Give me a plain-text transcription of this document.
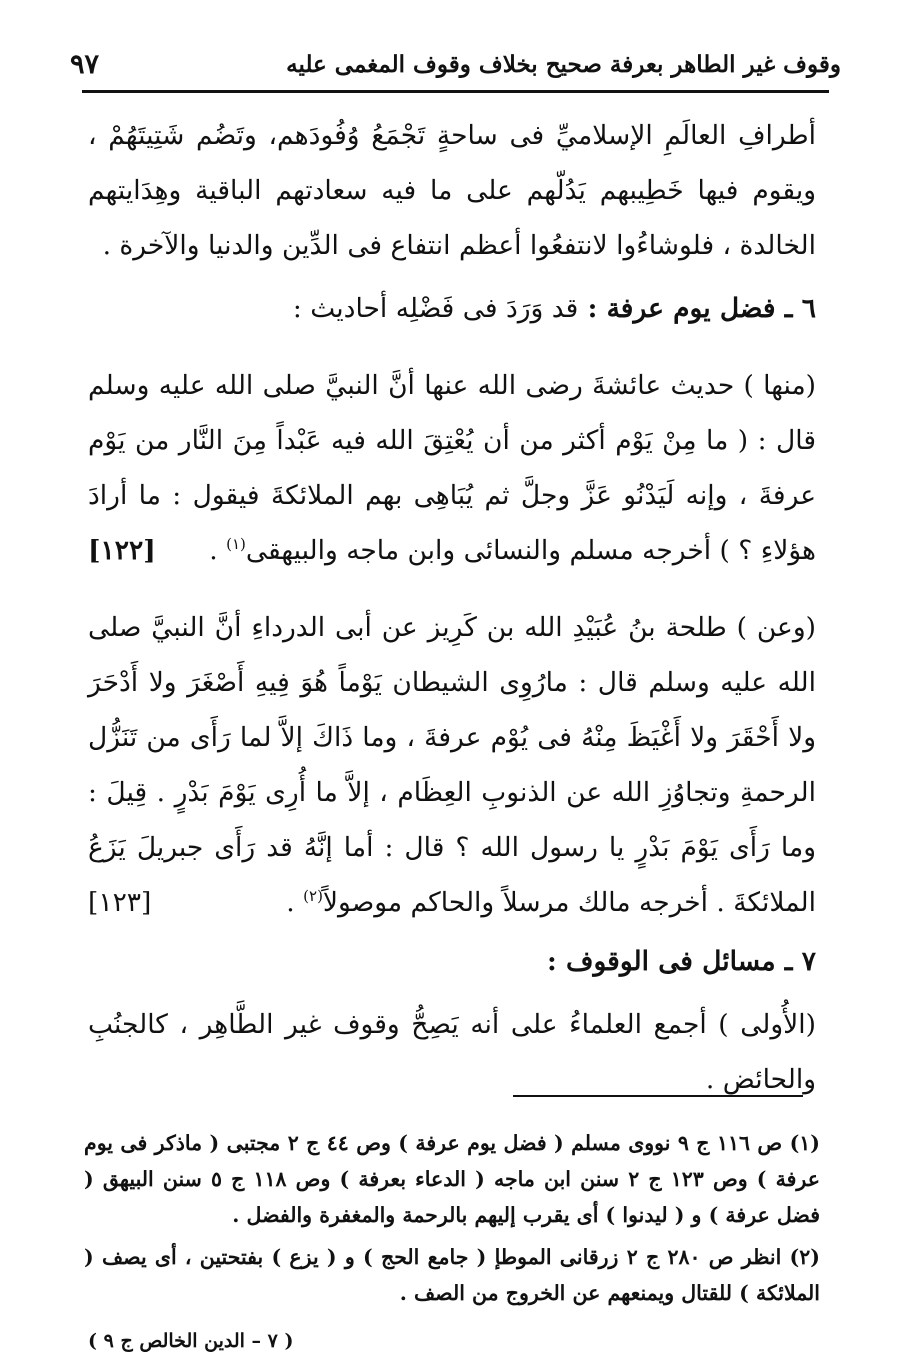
وقوف غير الطاهر بعرفة صحيح بخلاف وقوف المغمى عليه
٩٧

أطرافِ العالَمِ الإسلاميِّ فى ساحةٍ تَجْمَعُ وُفُودَهم، وتَضُم شَتِيتَهُمْ ، ويقوم فيها خَطِيبهم يَدُلّهم على ما فيه سعادتهم الباقية وهِدَايتهم الخالدة ، فلوشاءُوا لانتفعُوا أعظم انتفاع فى الدِّين والدنيا والآخرة .

٦ ـ فضل يوم عرفة : قد وَرَدَ فى فَضْلِه أحاديث :

(منها ) حديث عائشةَ رضى الله عنها أنَّ النبيَّ صلى الله عليه وسلم قال : ( ما مِنْ يَوْم أكثر من أن يُعْتِقَ الله فيه عَبْداً مِنَ النَّار من يَوْم عرفةَ ، وإنه لَيَدْنُو عَزَّ وجلَّ ثم يُبَاهِى بهم الملائكةَ فيقول : ما أرادَ هؤلاءِ ؟ ) أخرجه مسلم والنسائى وابن ماجه والبيهقى$^{(١)}$ .
[١٢٢]
(وعن ) طلحة بنُ عُبَيْدِ الله بن كَرِيز عن أبى الدرداءِ أنَّ النبيَّ صلى الله عليه وسلم قال : مارُوِى الشيطان يَوْماً هُوَ فِيهِ أَصْغَرَ ولا أَدْحَرَ ولا أَحْقَرَ ولا أَغْيَظَ مِنْهُ فى يُوْم عرفةَ ، وما ذَاكَ إلاَّ لما رَأَى من تَنَزُّل الرحمةِ وتجاوُزِ الله عن الذنوبِ العِظَام ، إلاَّ ما أُرِى يَوْمَ بَدْرٍ . قِيلَ : وما رَأَى يَوْمَ بَدْرٍ يا رسول الله ؟ قال : أما إنَّهُ قد رَأَى جبريلَ يَزَعُ الملائكةَ . أخرجه مالك مرسلاً والحاكم موصولاً$^{(٢)}$ .
[١٢٣]

٧ ـ مسائل فى الوقوف :

(الأُولى ) أجمع العلماءُ على أنه يَصِحُّ وقوف غير الطَّاهِر ، كالجنُبِ والحائض .

(١) ص ١١٦ ج ٩ نووى مسلم ( فضل يوم عرفة ) وص ٤٤ ج ٢ مجتبى ( ماذكر فى يوم عرفة ) وص ١٢٣ ج ٢ سنن ابن ماجه ( الدعاء بعرفة ) وص ١١٨ ج ٥ سنن البيهق ( فضل عرفة ) و ( ليدنوا ) أى يقرب إليهم بالرحمة والمغفرة والفضل .

(٢) انظر ص ٢٨٠ ج ٢ زرقانى الموطإ ( جامع الحج ) و ( يزع ) بفتحتين ، أى يصف ( الملائكة ) للقتال ويمنعهم عن الخروج من الصف .

( ٧ – الدين الخالص ج ٩ )
